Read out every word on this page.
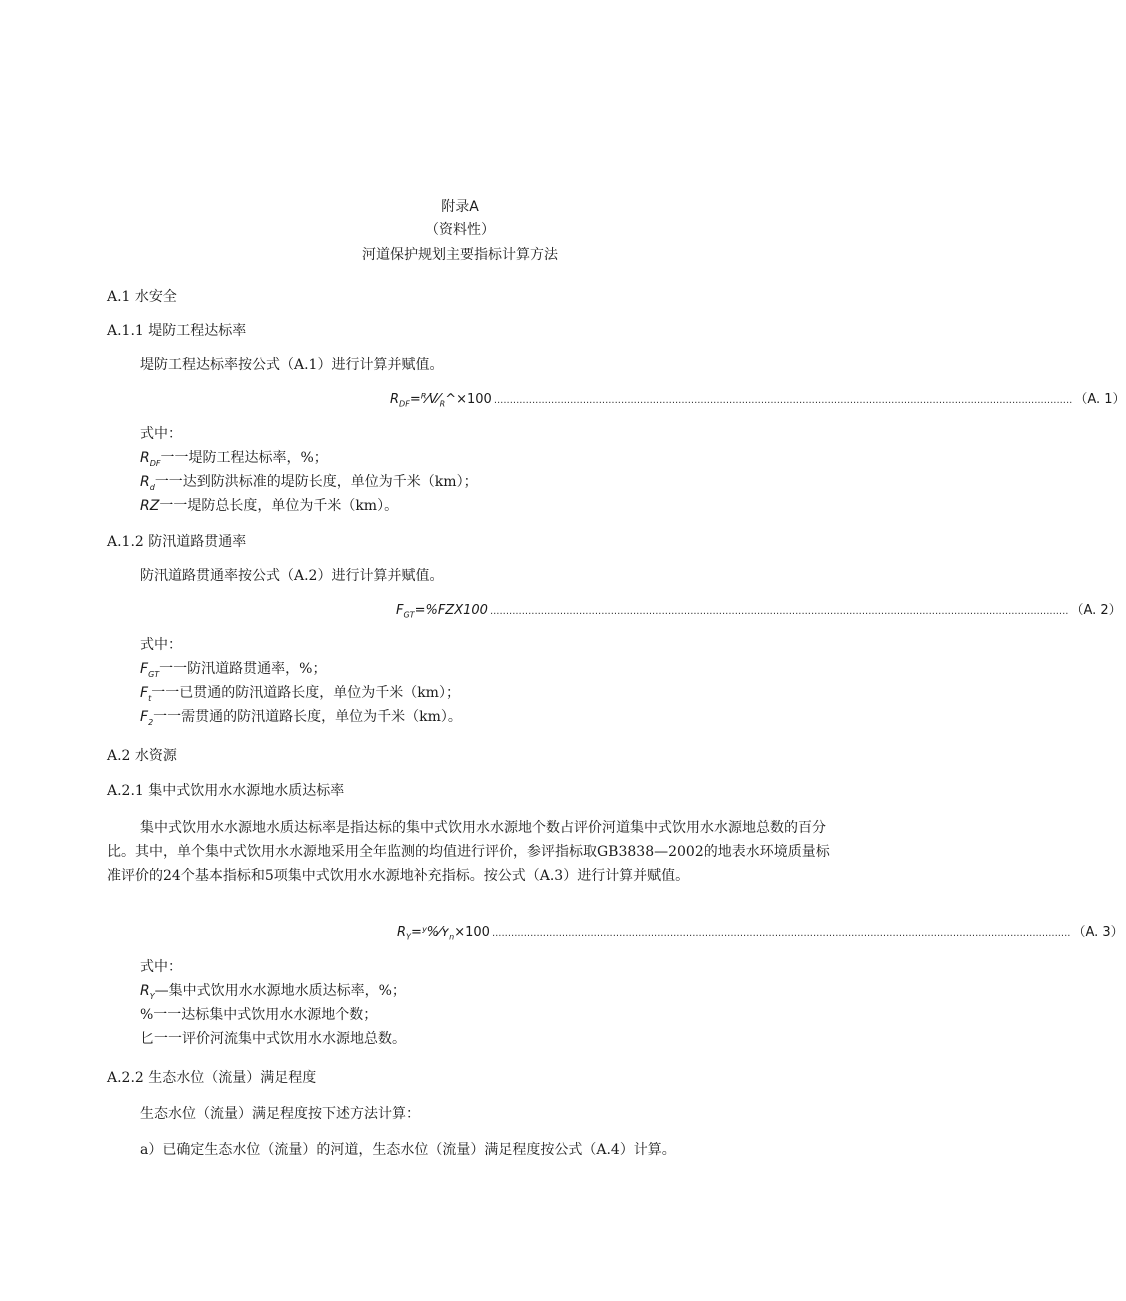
附录A
（资料性）
河道保护规划主要指标计算方法
A.1 水安全
A.1.1 堤防工程达标率
堤防工程达标率按公式（A.1）进行计算并赋值。
$R_{DF}=ᴿ⁄V⁄_R\^{}\times 100$ ...................................................................................................................................................................................... （A. 1）
式中：
$R_{DF}$一一堤防工程达标率，%；
$R_d$一一达到防洪标准的堤防长度，单位为千米（km）；
RZ一一堤防总长度，单位为千米（km）。
A.1.2 防汛道路贯通率
防汛道路贯通率按公式（A.2）进行计算并赋值。
$F_{GT}=\%FZX100$ ...................................................................................................................................................................................... （A. 2）
式中：
$F_{GT}$一一防汛道路贯通率，%；
$F_t$一一已贯通的防汛道路长度，单位为千米（km）；
$F_2$一一需贯通的防汛道路长度，单位为千米（km）。
A.2 水资源
A.2.1 集中式饮用水水源地水质达标率
集中式饮用水水源地水质达标率是指达标的集中式饮用水水源地个数占评价河道集中式饮用水水源地总数的百分比。其中，单个集中式饮用水水源地采用全年监测的均值进行评价，参评指标取GB3838—2002的地表水环境质量标准评价的24个基本指标和5项集中式饮用水水源地补充指标。按公式（A.3）进行计算并赋值。
$R_Y=ʸ\%⁄ʏ_n\times 100$ ...................................................................................................................................................................................... （A. 3）
式中：
$R_Y—$集中式饮用水水源地水质达标率，%；
%一一达标集中式饮用水水源地个数；
匕一一评价河流集中式饮用水水源地总数。
A.2.2 生态水位（流量）满足程度
生态水位（流量）满足程度按下述方法计算：
a）已确定生态水位（流量）的河道，生态水位（流量）满足程度按公式（A.4）计算。
